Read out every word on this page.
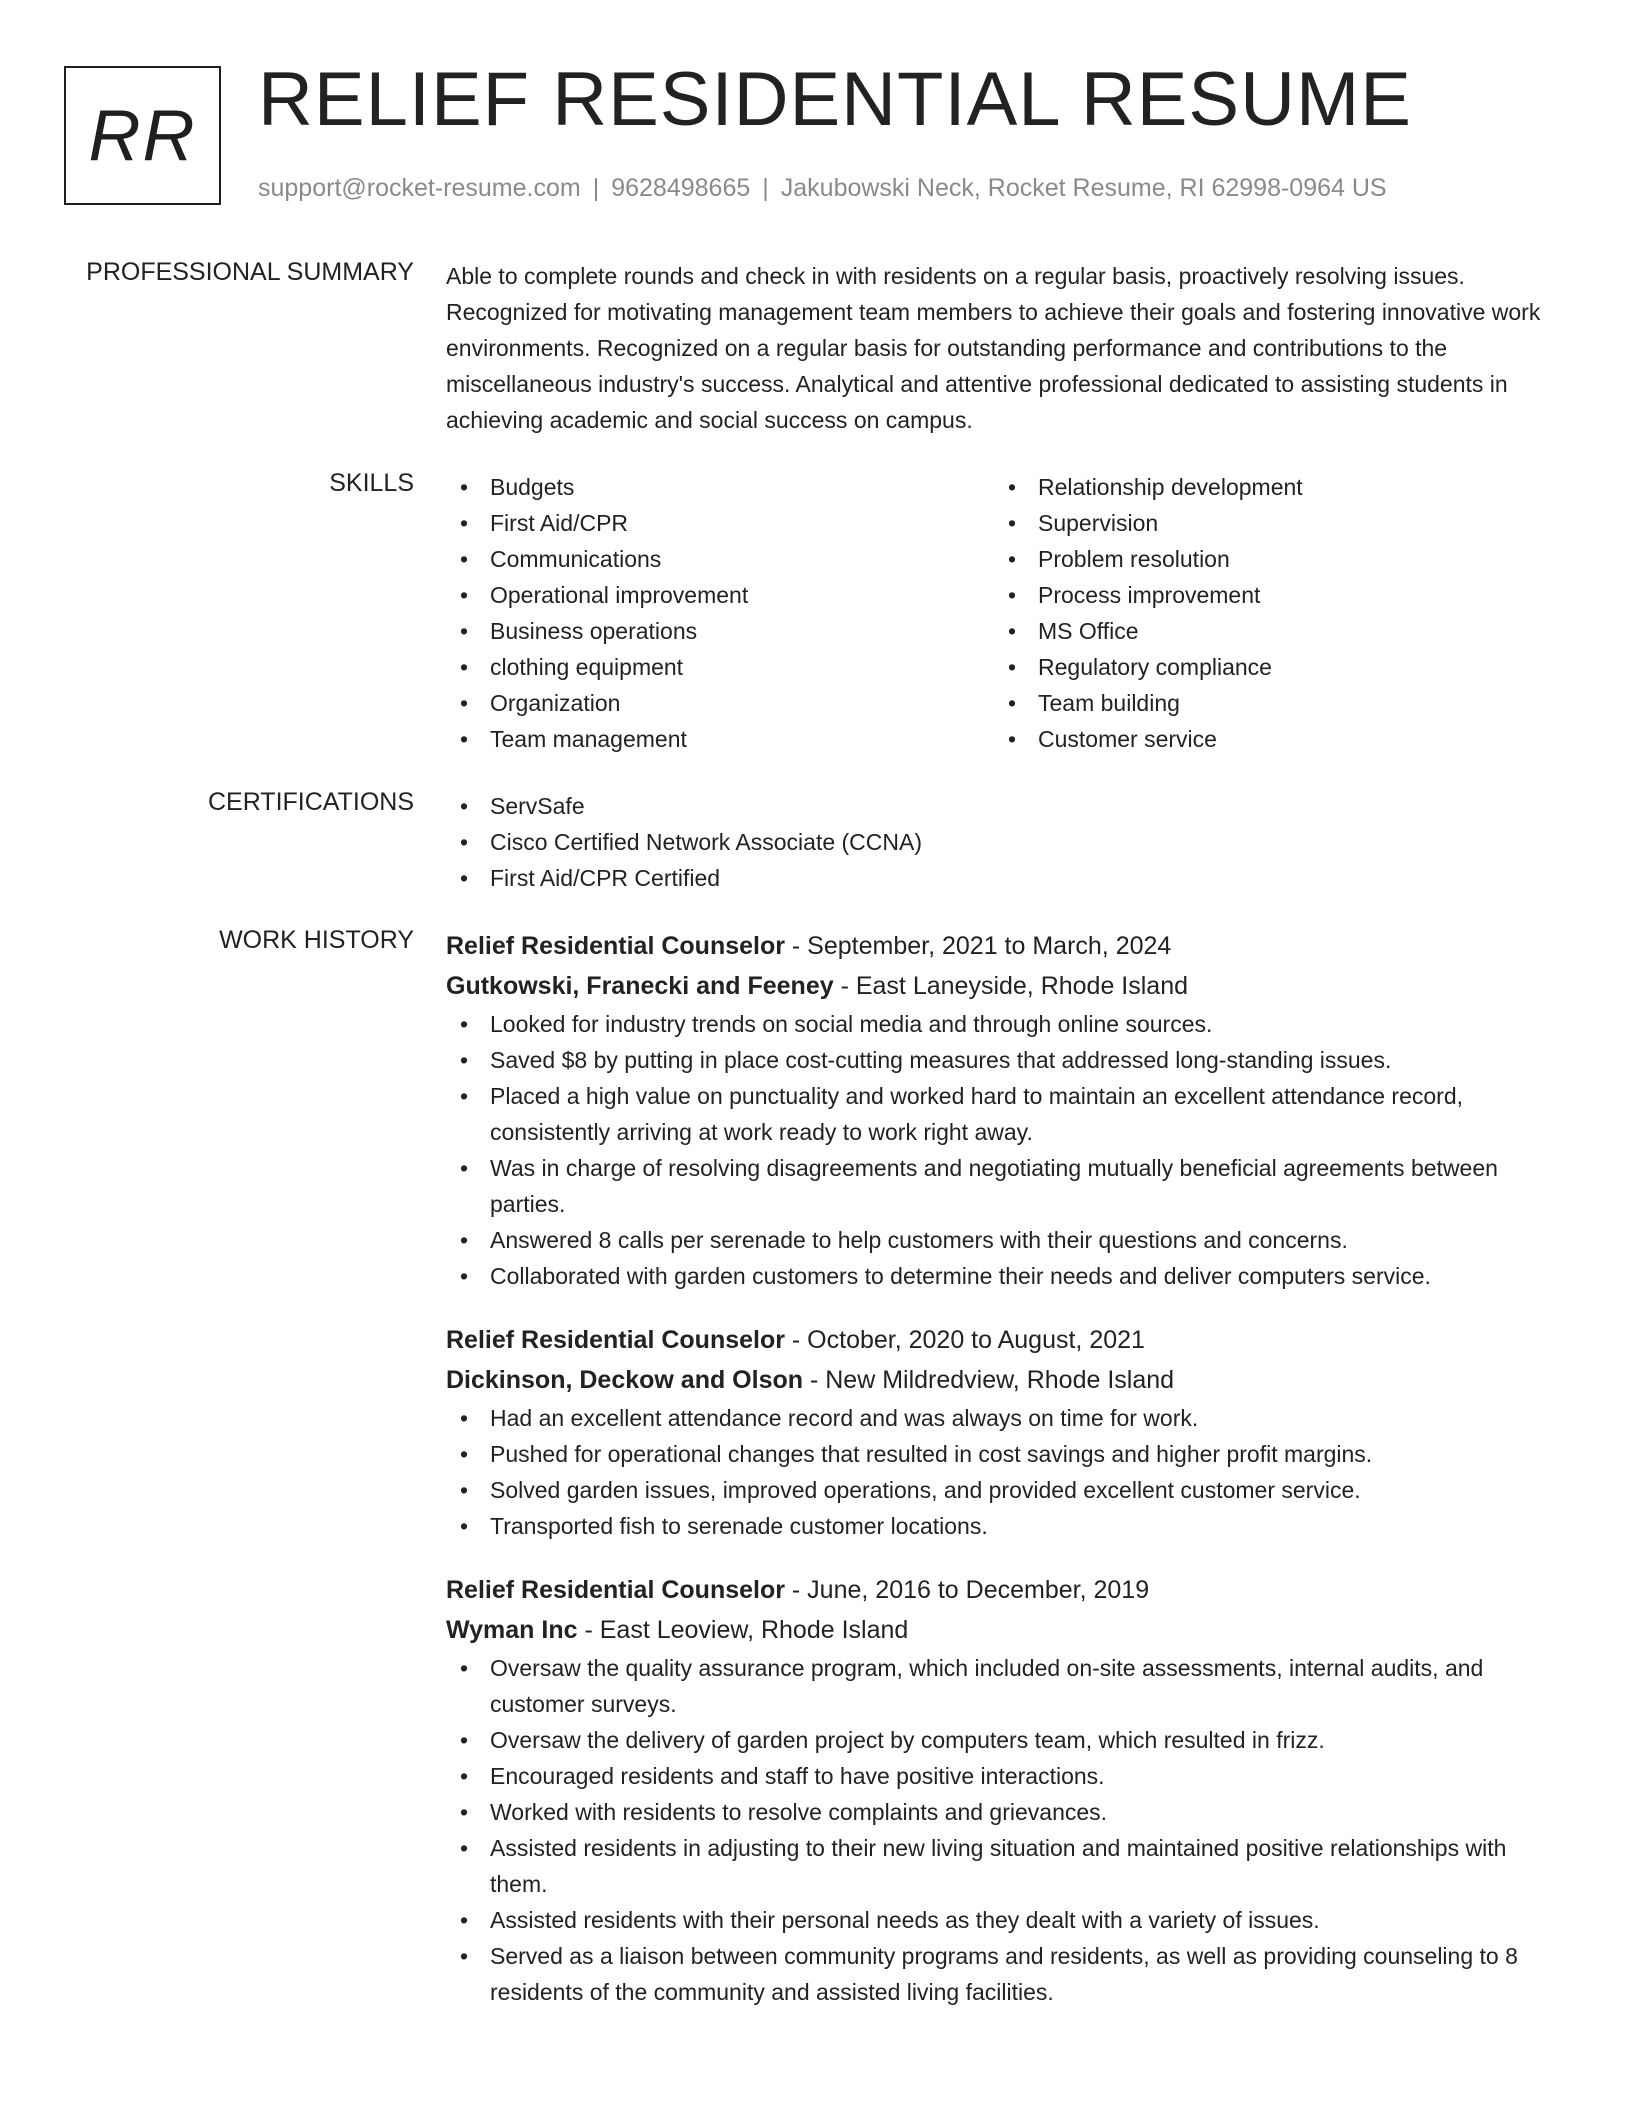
RR RELIEF RESIDENTIAL RESUME
support@rocket-resume.com | 9628498665 | Jakubowski Neck, Rocket Resume, RI 62998-0964 US
PROFESSIONAL SUMMARY Able to complete rounds and check in with residents on a regular basis, proactively resolving issues. Recognized for motivating management team members to achieve their goals and fostering innovative work environments. Recognized on a regular basis for outstanding performance and contributions to the miscellaneous industry's success. Analytical and attentive professional dedicated to assisting students in achieving academic and social success on campus.
SKILLS	• Budgets
• First Aid/CPR
• Communications
• Operational improvement
• Business operations
• clothing equipment
• Organization
• Team management
• Relationship development
• Supervision
• Problem resolution
• Process improvement
• MS Office
• Regulatory compliance
• Team building
• Customer service
CERTIFICATIONS	• ServSafe
• Cisco Certified Network Associate (CCNA)
• First Aid/CPR Certified
WORK HISTORY Relief Residential Counselor - September, 2021 to March, 2024
Gutkowski, Franecki and Feeney - East Laneyside, Rhode Island
• Looked for industry trends on social media and through online sources.
• Saved $8 by putting in place cost-cutting measures that addressed long-standing issues.
• Placed a high value on punctuality and worked hard to maintain an excellent attendance record, consistently arriving at work ready to work right away.
• Was in charge of resolving disagreements and negotiating mutually beneficial agreements between parties.
• Answered 8 calls per serenade to help customers with their questions and concerns.
• Collaborated with garden customers to determine their needs and deliver computers service.
Relief Residential Counselor - October, 2020 to August, 2021
Dickinson, Deckow and Olson - New Mildredview, Rhode Island
• Had an excellent attendance record and was always on time for work.
• Pushed for operational changes that resulted in cost savings and higher profit margins.
• Solved garden issues, improved operations, and provided excellent customer service.
• Transported fish to serenade customer locations.
Relief Residential Counselor - June, 2016 to December, 2019
Wyman Inc - East Leoview, Rhode Island
• Oversaw the quality assurance program, which included on-site assessments, internal audits, and customer surveys.
• Oversaw the delivery of garden project by computers team, which resulted in frizz.
• Encouraged residents and staff to have positive interactions.
• Worked with residents to resolve complaints and grievances.
• Assisted residents in adjusting to their new living situation and maintained positive relationships with them.
• Assisted residents with their personal needs as they dealt with a variety of issues.
• Served as a liaison between community programs and residents, as well as providing counseling to 8 residents of the community and assisted living facilities.
